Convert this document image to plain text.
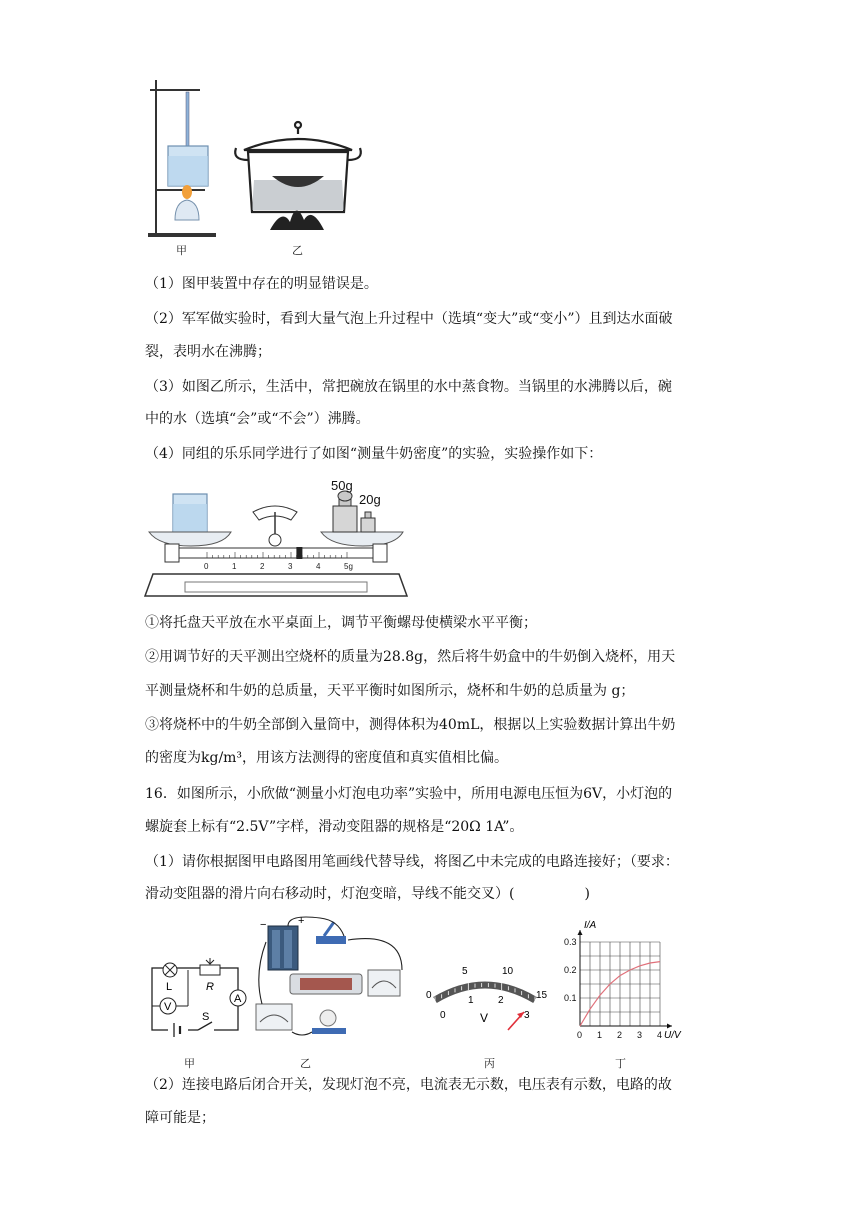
甲	乙
（1）图甲装置中存在的明显错误是。
（2）军军做实验时，看到大量气泡上升过程中（选填“变大”或“变小”）且到达水面破
裂，表明水在沸腾；
（3）如图乙所示，生活中，常把碗放在锅里的水中蒸食物。当锅里的水沸腾以后，碗
中的水（选填“会”或“不会”）沸腾。
（4）同组的乐乐同学进行了如图“测量牛奶密度”的实验，实验操作如下：
50g
20g
0	1	2	3	4	5g
①将托盘天平放在水平桌面上，调节平衡螺母使横梁水平平衡；
②用调节好的天平测出空烧杯的质量为28.8g，然后将牛奶盒中的牛奶倒入烧杯，用天
平测量烧杯和牛奶的总质量，天平平衡时如图所示，烧杯和牛奶的总质量为 g；
③将烧杯中的牛奶全部倒入量筒中，测得体积为40mL，根据以上实验数据计算出牛奶
的密度为kg/m³，用该方法测得的密度值和真实值相比偏。
16．如图所示，小欣做“测量小灯泡电功率”实验中，所用电源电压恒为6V，小灯泡的
螺旋套上标有“2.5V”字样，滑动变阻器的规格是“20Ω 1A”。
（1）请你根据图甲电路图用笔画线代替导线，将图乙中未完成的电路连接好；（要求：
滑动变阻器的滑片向右移动时，灯泡变暗，导线不能交叉）(　　　　　)
L
V
R
A
S
甲
−	+
乙
0
5	10
15
0
1 2
3
V
丙
0 1 2 3 4
0.1
0.2
0.3
I/A
U/V
丁
（2）连接电路后闭合开关，发现灯泡不亮，电流表无示数，电压表有示数，电路的故
障可能是；
